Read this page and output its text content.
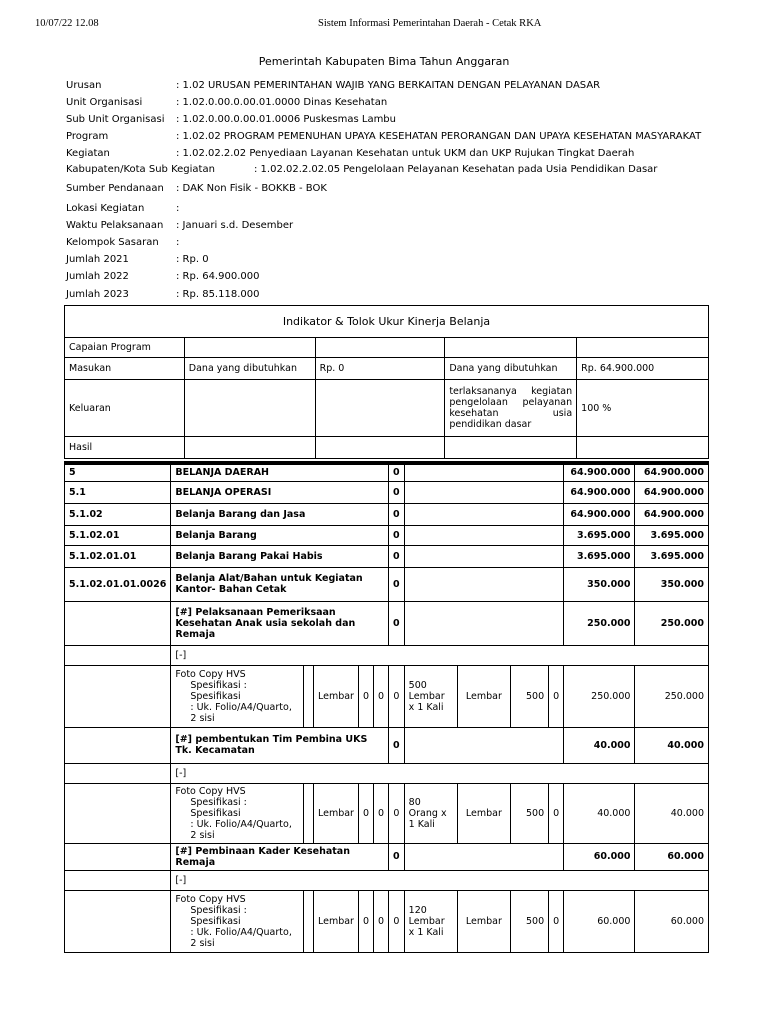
10/07/22 12.08	Sistem Informasi Pemerintahan Daerah - Cetak RKA
Pemerintah Kabupaten Bima Tahun Anggaran
Urusan	: 1.02 URUSAN PEMERINTAHAN WAJIB YANG BERKAITAN DENGAN PELAYANAN DASAR
Unit Organisasi	: 1.02.0.00.0.00.01.0000 Dinas Kesehatan
Sub Unit Organisasi : 1.02.0.00.0.00.01.0006 Puskesmas Lambu
Program	: 1.02.02 PROGRAM PEMENUHAN UPAYA KESEHATAN PERORANGAN DAN UPAYA KESEHATAN MASYARAKAT
Kegiatan	: 1.02.02.2.02 Penyediaan Layanan Kesehatan untuk UKM dan UKP Rujukan Tingkat Daerah
Kabupaten/Kota Sub Kegiatan	: 1.02.02.2.02.05 Pengelolaan Pelayanan Kesehatan pada Usia Pendidikan Dasar
Sumber Pendanaan : DAK Non Fisik - BOKKB - BOK
Lokasi Kegiatan	:
Waktu Pelaksanaan : Januari s.d. Desember
Kelompok Sasaran :
Jumlah 2021	: Rp. 0
Jumlah 2022	: Rp. 64.900.000
Jumlah 2023	: Rp. 85.118.000
Indikator & Tolok Ukur Kinerja Belanja				
Capaian Program				
Masukan	Dana yang dibutuhkan	Rp. 0	Dana yang dibutuhkan	Rp. 64.900.000
Keluaran			terlaksananya kegiatan pengelolaan pelayanan kesehatan usia pendidikan dasar	100 %
Hasil				
5	BELANJA DAERAH					0					64.900.000	64.900.000
5.1	BELANJA OPERASI					0					64.900.000	64.900.000
5.1.02	Belanja Barang dan Jasa					0					64.900.000	64.900.000
5.1.02.01	Belanja Barang					0					3.695.000	3.695.000
5.1.02.01.01	Belanja Barang Pakai Habis					0					3.695.000	3.695.000
5.1.02.01.01.0026	Belanja Alat/Bahan untuk Kegiatan Kantor- Bahan Cetak					0					350.000	350.000
	[#] Pelaksanaan Pemeriksaan Kesehatan Anak usia sekolah dan Remaja					0					250.000	250.000
	[-]											
	Foto Copy HVS
Spesifikasi : Spesifikasi
: Uk. Folio/A4/Quarto,
2 sisi		Lembar	0	0	0	500 Lembar x 1 Kali	Lembar	500	0	250.000	250.000
	[#] pembentukan Tim Pembina UKS Tk. Kecamatan					0					40.000	40.000
	[-]											
	Foto Copy HVS
Spesifikasi : Spesifikasi
: Uk. Folio/A4/Quarto,
2 sisi		Lembar	0	0	0	80 Orang x 1 Kali	Lembar	500	0	40.000	40.000
	[#] Pembinaan Kader Kesehatan Remaja					0					60.000	60.000
	[-]											
	Foto Copy HVS
Spesifikasi : Spesifikasi
: Uk. Folio/A4/Quarto,
2 sisi		Lembar	0	0	0	120 Lembar x 1 Kali	Lembar	500	0	60.000	60.000
